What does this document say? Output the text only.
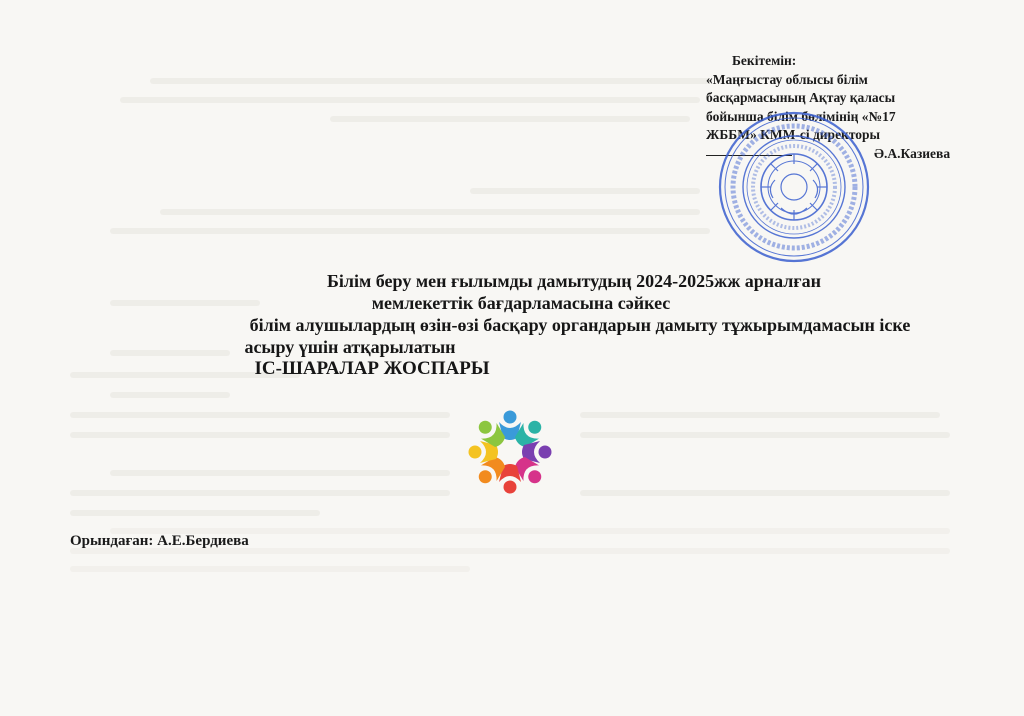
Бекітемін:
«Маңғыстау облысы білім
басқармасының Ақтау қаласы
бойынша білім бөлімінің «№17
ЖББМ» КММ-сі директоры
Ә.А.Казиева
Білім беру мен ғылымды дамытудың 2024-2025жж арналған
мемлекеттік бағдарламасына сәйкес
білім алушылардың өзін-өзі басқару органдарын дамыту тұжырымдамасын іске
асыру үшін атқарылатын
ІС-ШАРАЛАР ЖОСПАРЫ
Орындаған: А.Е.Бердиева
